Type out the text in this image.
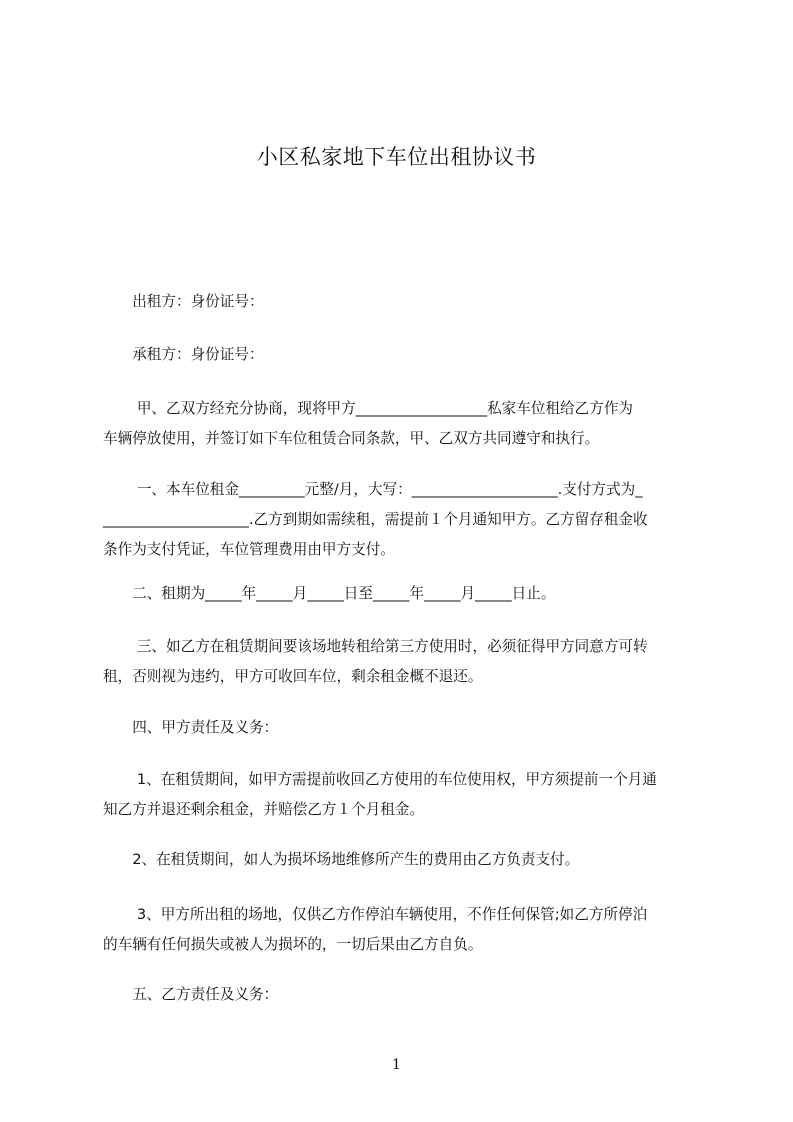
小区私家地下车位出租协议书
　　出租方：身份证号：
　　承租方：身份证号：
　　 甲、乙双方经充分协商，现将甲方__________________私家车位租给乙方作为
车辆停放使用，并签订如下车位租赁合同条款，甲、乙双方共同遵守和执行。
　　 一、本车位租金_________元整/月，大写：____________________.支付方式为_
____________________.乙方到期如需续租，需提前１个月通知甲方。乙方留存租金收
条作为支付凭证，车位管理费用由甲方支付。
　　二、租期为_____年_____月_____日至_____年_____月_____日止。
　　 三、如乙方在租赁期间要该场地转租给第三方使用时，必须征得甲方同意方可转
租，否则视为违约，甲方可收回车位，剩余租金概不退还。
　　四、甲方责任及义务：
　　 1、在租赁期间，如甲方需提前收回乙方使用的车位使用权，甲方须提前一个月通
知乙方并退还剩余租金，并赔偿乙方１个月租金。
　　2、在租赁期间，如人为损坏场地维修所产生的费用由乙方负责支付。
　　 3、甲方所出租的场地，仅供乙方作停泊车辆使用，不作任何保管;如乙方所停泊
的车辆有任何损失或被人为损坏的，一切后果由乙方自负。
　　五、乙方责任及义务：
1
